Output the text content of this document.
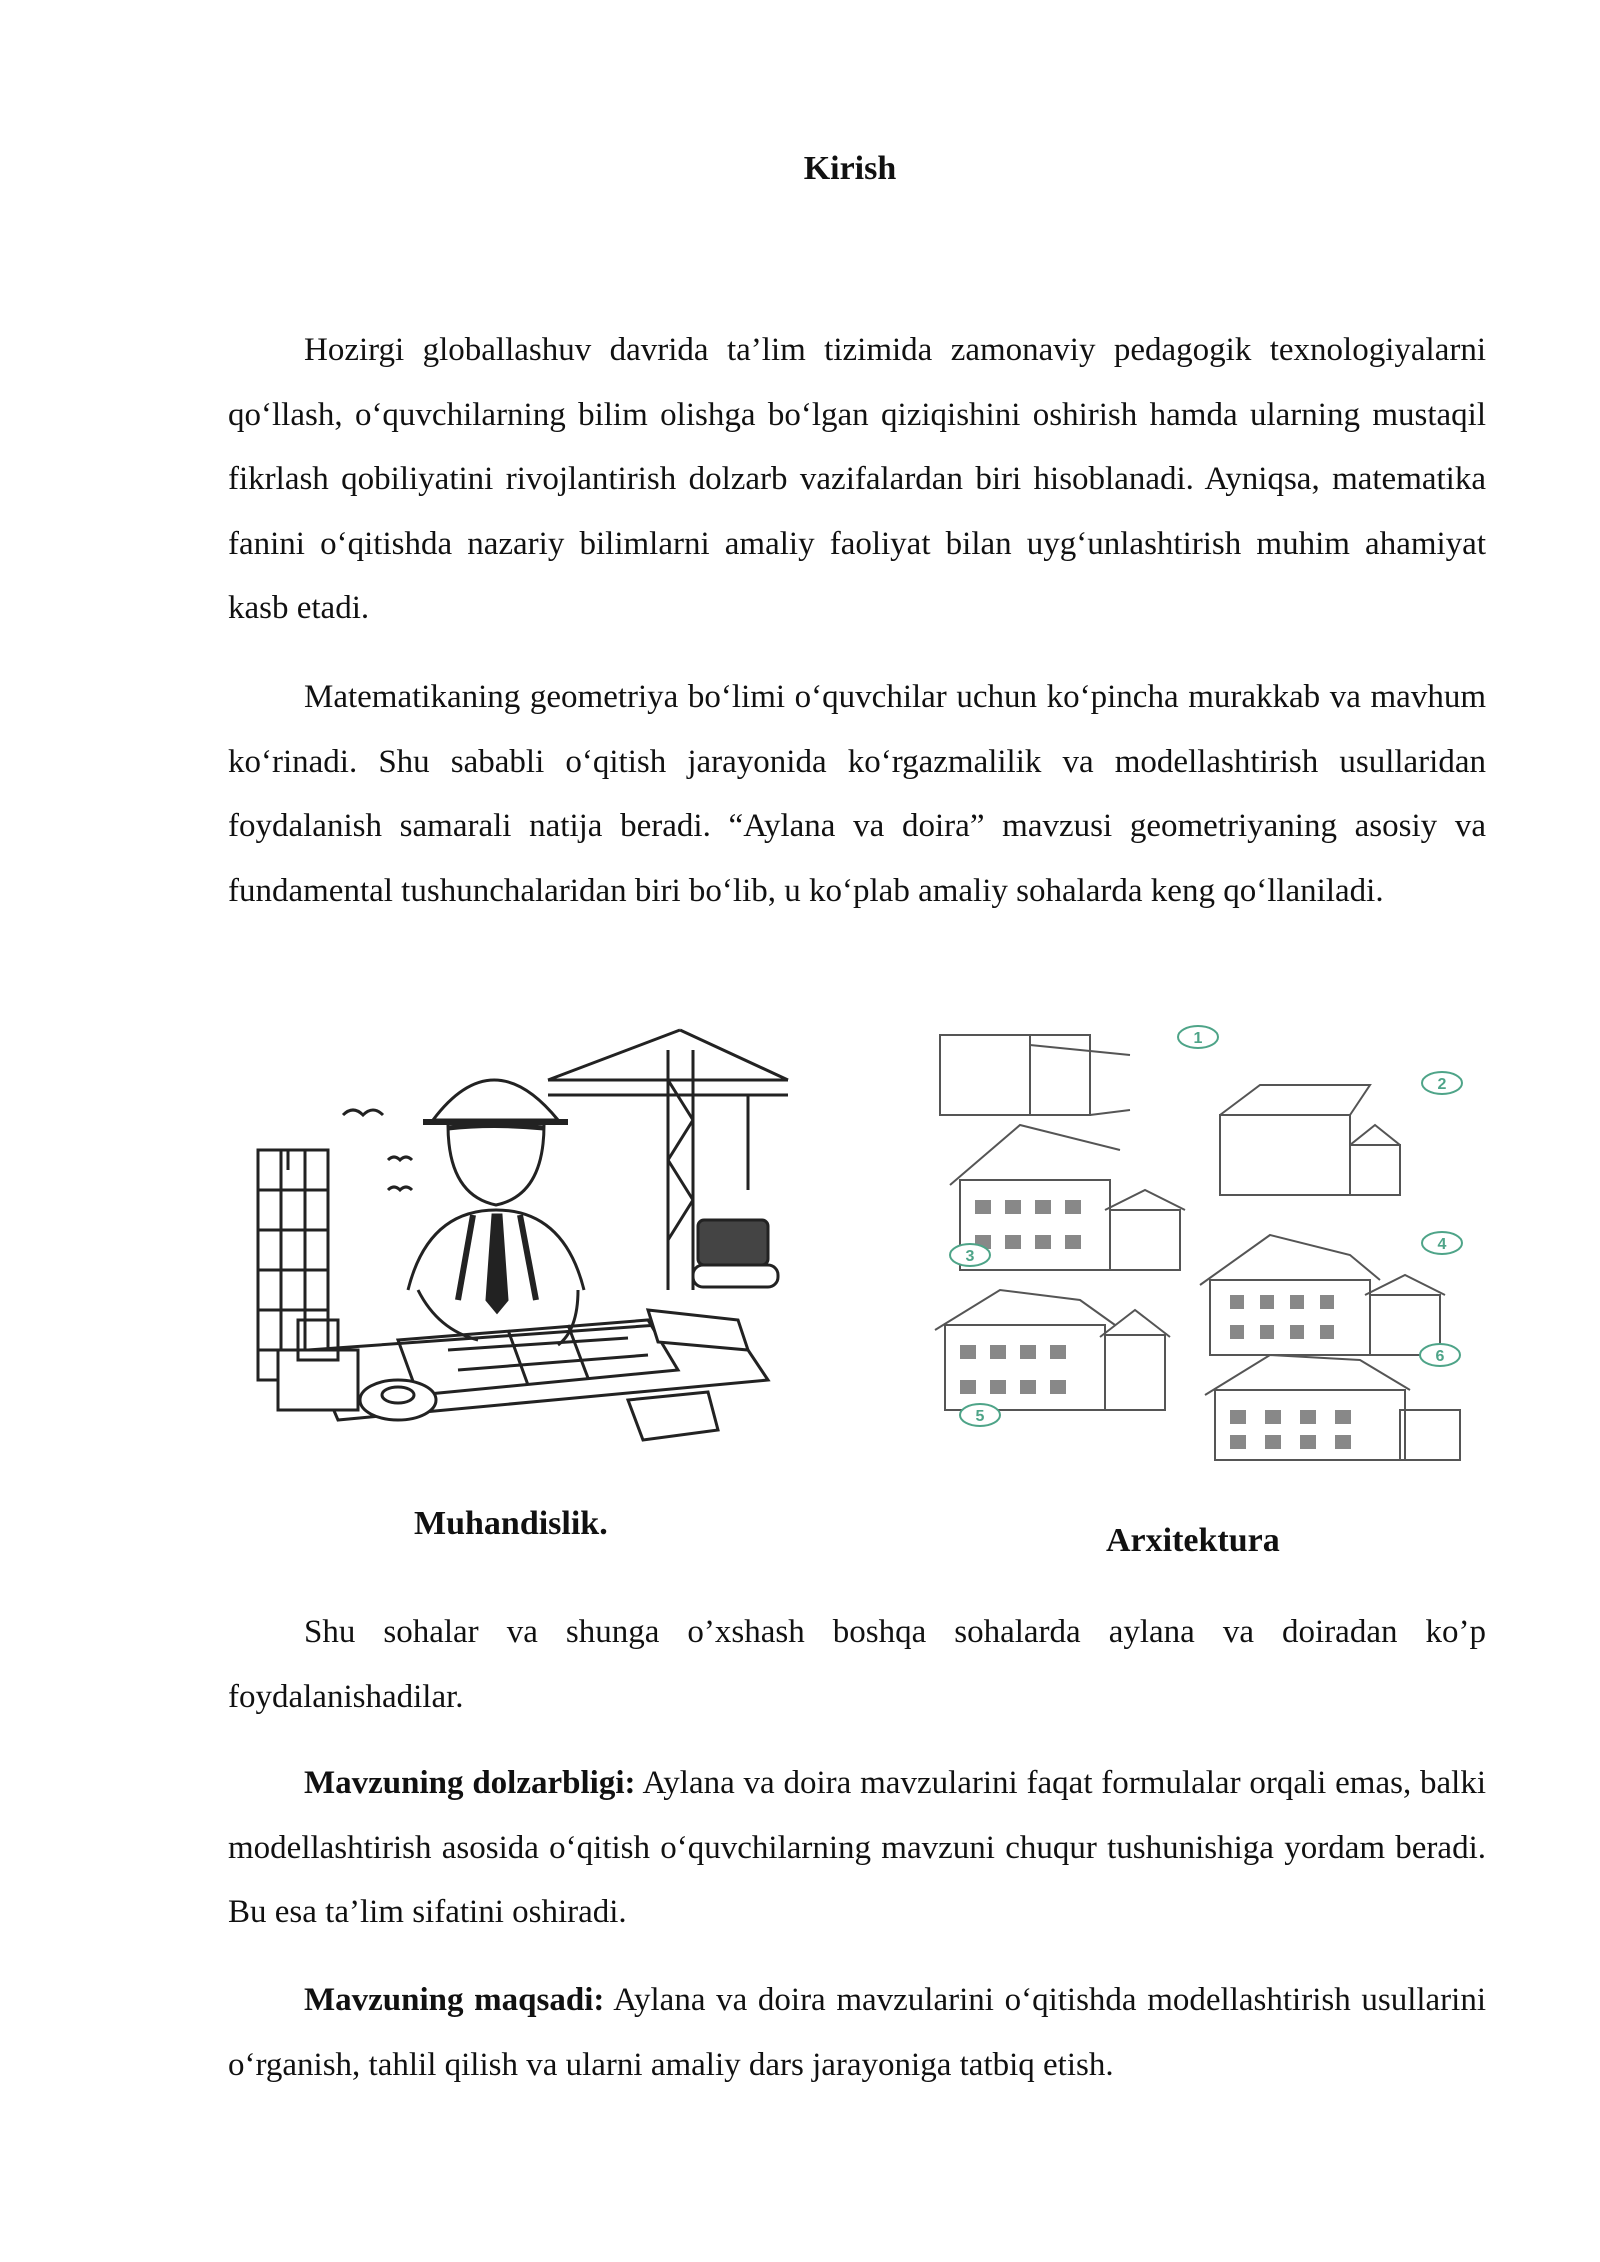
Kirish

Hozirgi globallashuv davrida ta’lim tizimida zamonaviy pedagogik texnologiyalarni qo‘llash, o‘quvchilarning bilim olishga bo‘lgan qiziqishini oshirish hamda ularning mustaqil fikrlash qobiliyatini rivojlantirish dolzarb vazifalardan biri hisoblanadi. Ayniqsa, matematika fanini o‘qitishda nazariy bilimlarni amaliy faoliyat bilan uyg‘unlashtirish muhim ahamiyat kasb etadi.

Matematikaning geometriya bo‘limi o‘quvchilar uchun ko‘pincha murakkab va mavhum ko‘rinadi. Shu sababli o‘qitish jarayonida ko‘rgazmalilik va modellashtirish usullaridan foydalanish samarali natija beradi. “Aylana va doira” mavzusi geometriyaning asosiy va fundamental tushunchalaridan biri bo‘lib, u ko‘plab amaliy sohalarda keng qo‘llaniladi.

1
2
3
4
5
6
Muhandislik.	Arxitektura

Shu sohalar va shunga o’xshash boshqa sohalarda aylana va doiradan ko’p foydalanishadilar.

Mavzuning dolzarbligi: Aylana va doira mavzularini faqat formulalar orqali emas, balki modellashtirish asosida o‘qitish o‘quvchilarning mavzuni chuqur tushunishiga yordam beradi. Bu esa ta’lim sifatini oshiradi.

Mavzuning maqsadi: Aylana va doira mavzularini o‘qitishda modellashtirish usullarini o‘rganish, tahlil qilish va ularni amaliy dars jarayoniga tatbiq etish.
